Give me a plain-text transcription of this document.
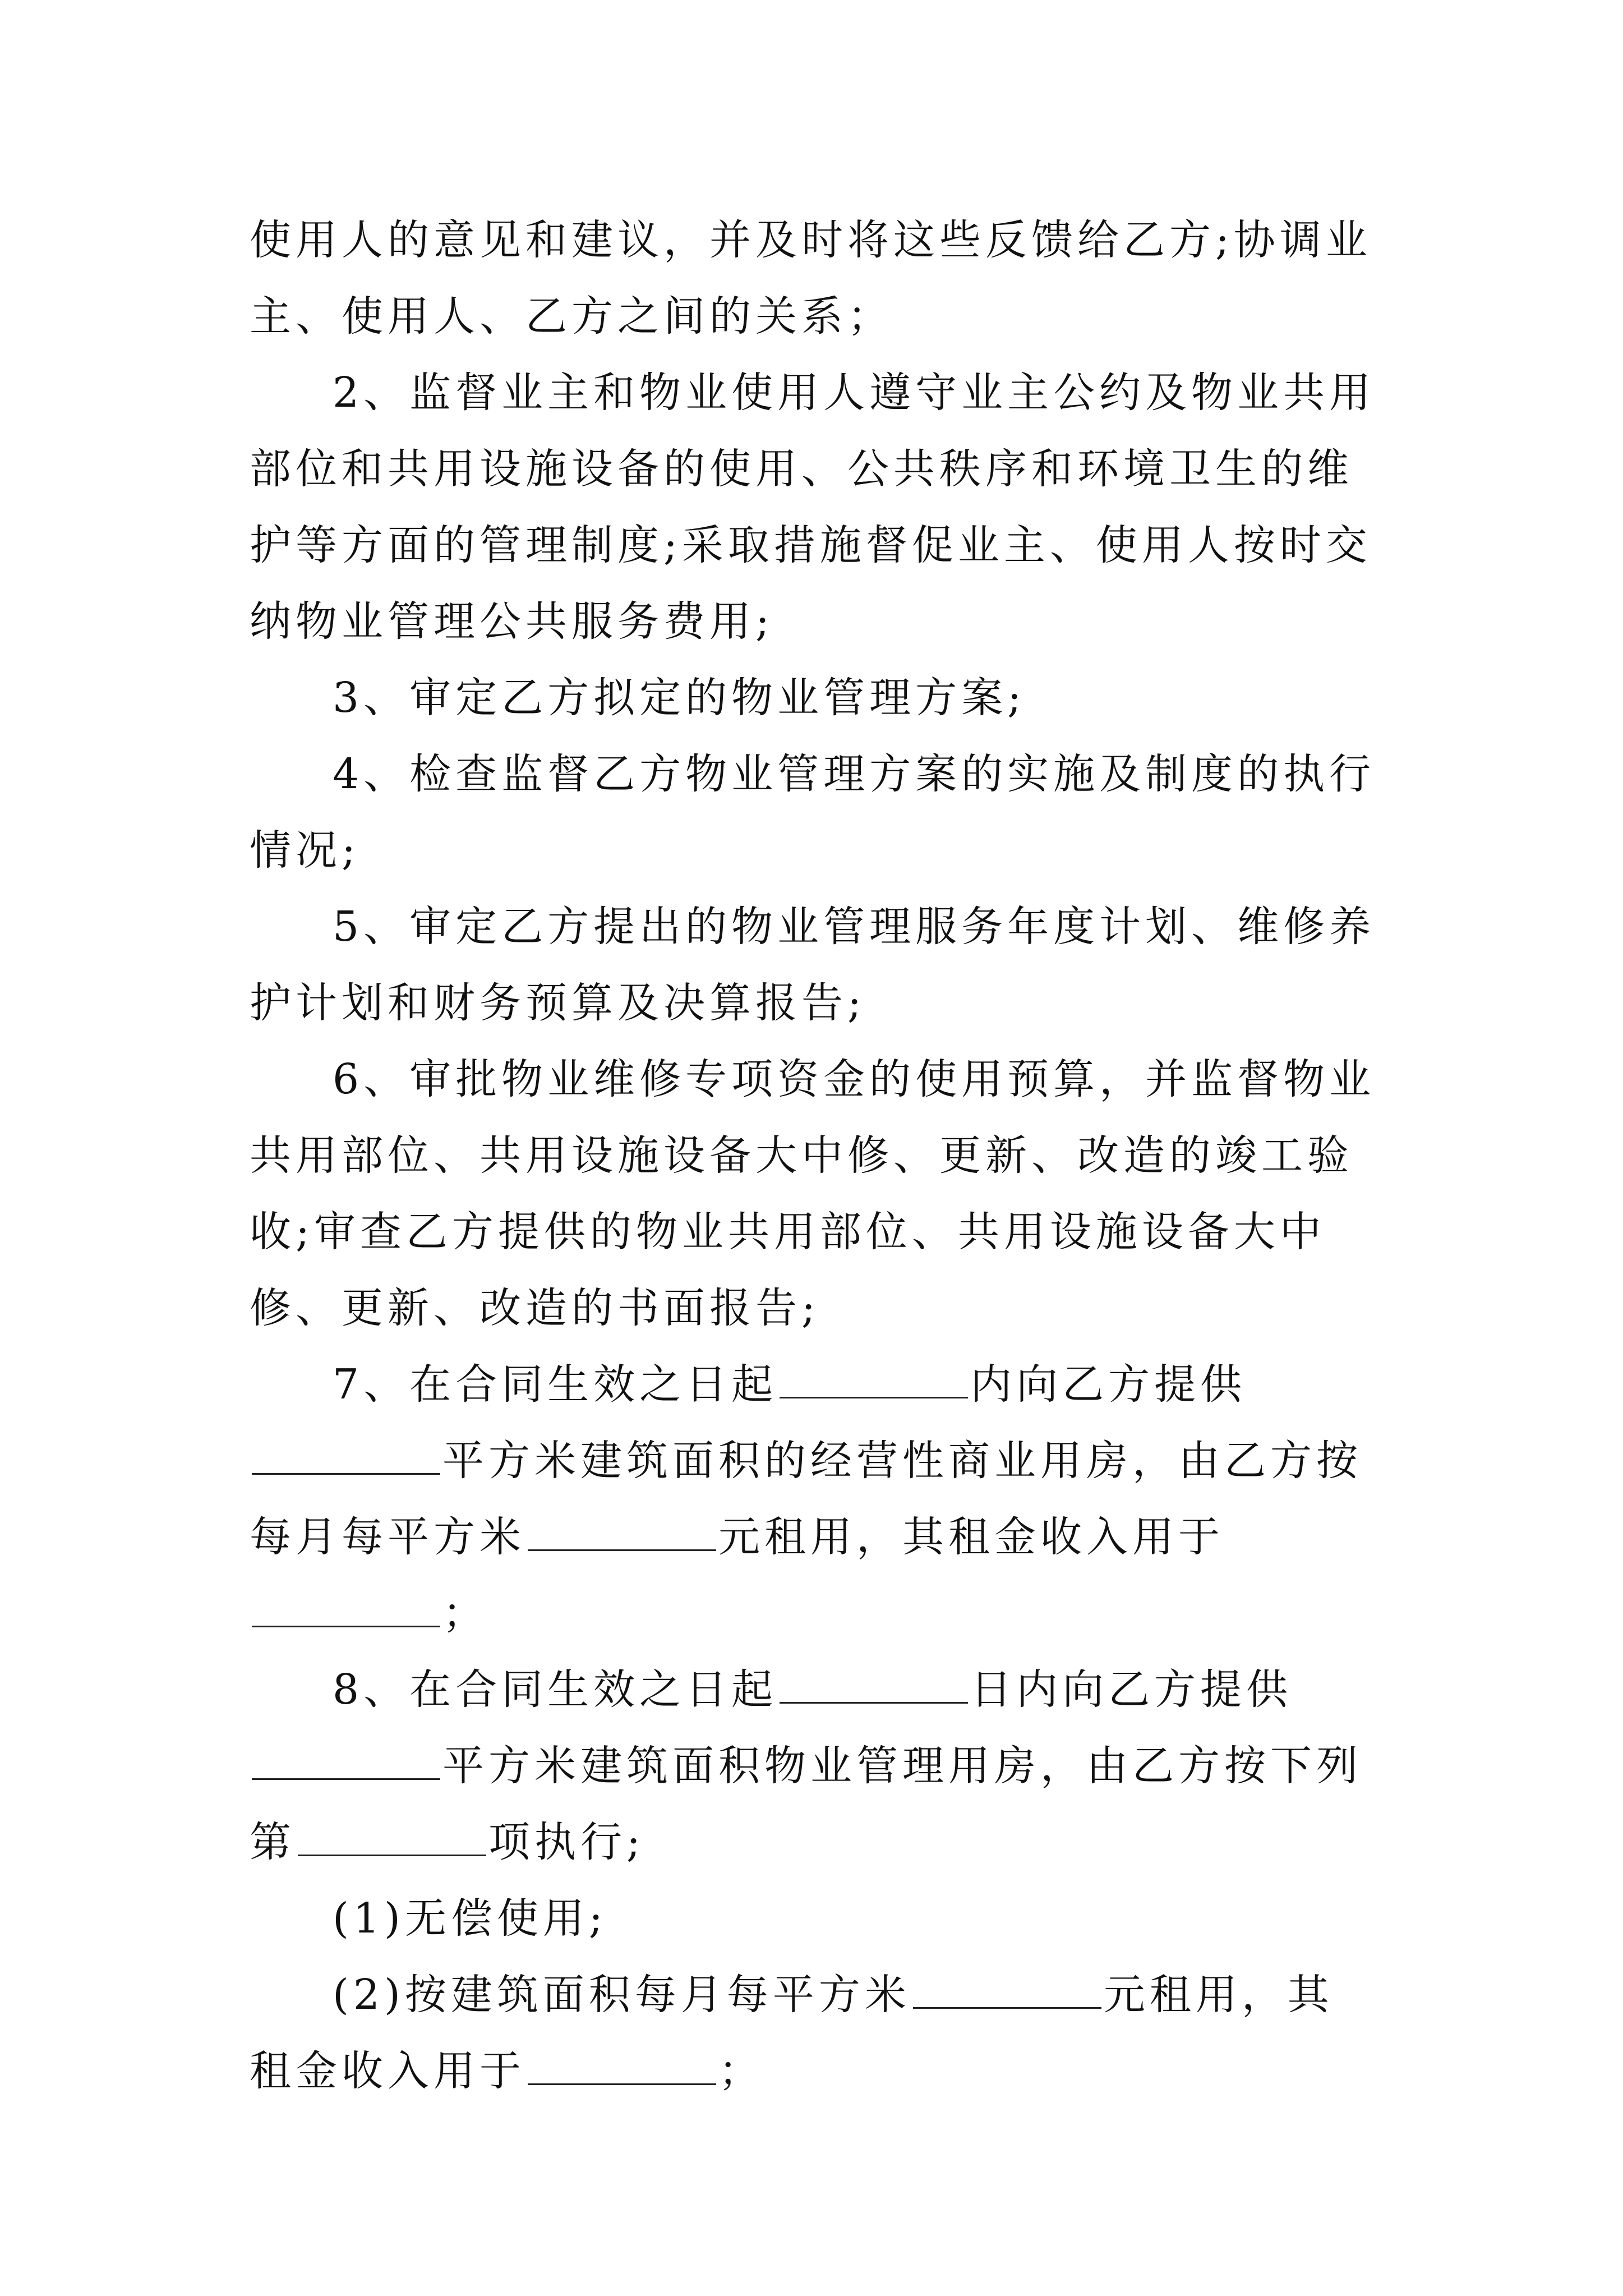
使用人的意见和建议，并及时将这些反馈给乙方;协调业主、使用人、乙方之间的关系；

2、监督业主和物业使用人遵守业主公约及物业共用部位和共用设施设备的使用、公共秩序和环境卫生的维护等方面的管理制度;采取措施督促业主、使用人按时交纳物业管理公共服务费用;

3、审定乙方拟定的物业管理方案;

4、检查监督乙方物业管理方案的实施及制度的执行情况;

5、审定乙方提出的物业管理服务年度计划、维修养护计划和财务预算及决算报告;

6、审批物业维修专项资金的使用预算，并监督物业共用部位、共用设施设备大中修、更新、改造的竣工验收;审查乙方提供的物业共用部位、共用设施设备大中修、更新、改造的书面报告;

7、在合同生效之日起	内向乙方提供平方米建筑面积的经营性商业用房，由乙方按每月每平方米	元租用，其租金收入用于；

8、在合同生效之日起	日内向乙方提供平方米建筑面积物业管理用房，由乙方按下列第	项执行;

(1)无偿使用;

(2)按建筑面积每月每平方米	元租用，其租金收入用于	；
